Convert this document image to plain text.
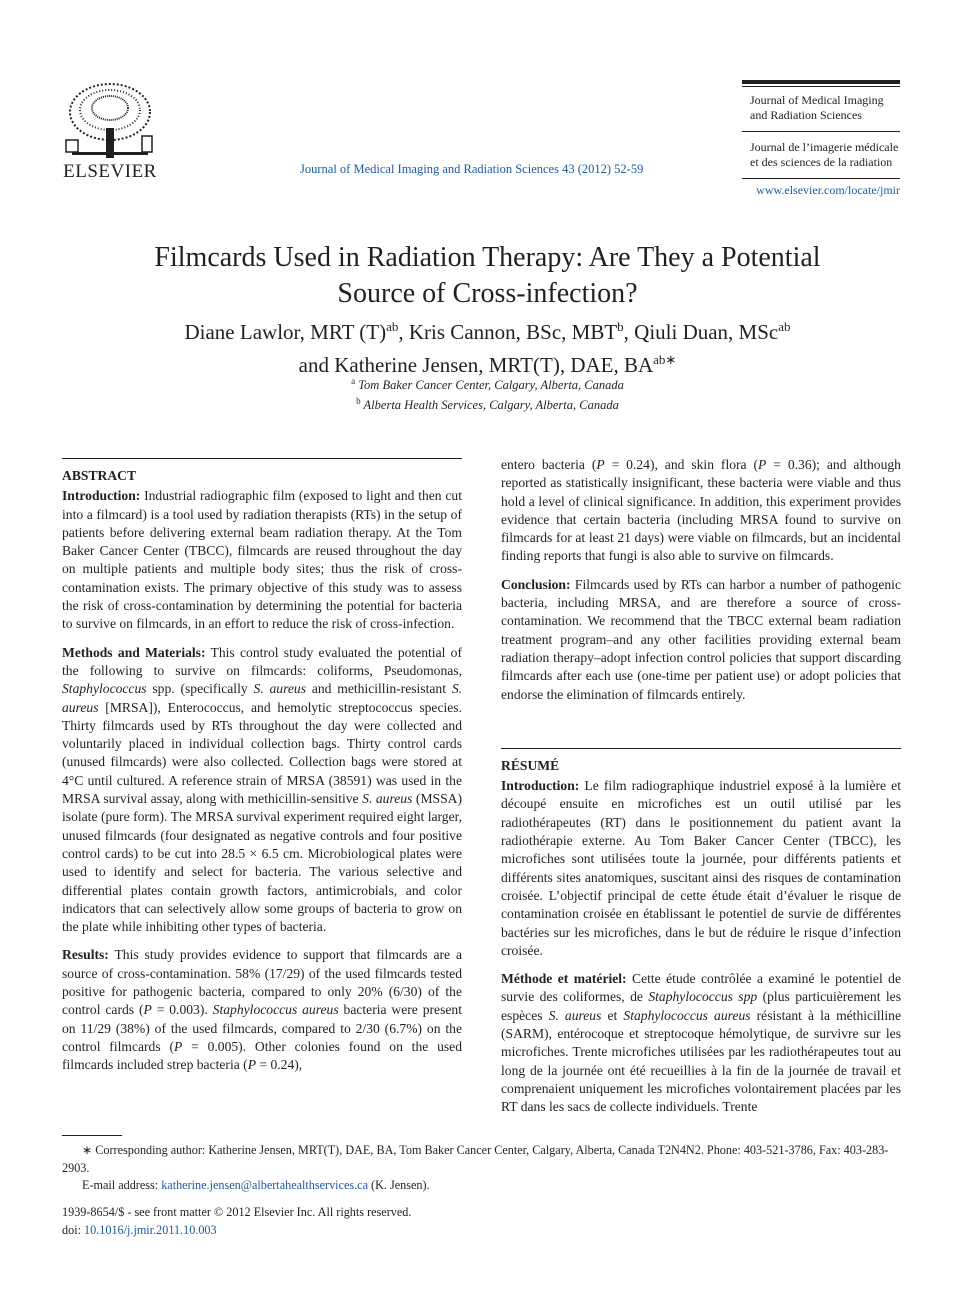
ELSEVIER	Journal of Medical Imaging and Radiation Sciences 43 (2012) 52-59
Journal of Medical Imaging
and Radiation Sciences
Journal de l’imagerie médicale
et des sciences de la radiation
www.elsevier.com/locate/jmir
Filmcards Used in Radiation Therapy: Are They a Potential
Source of Cross-infection?
Diane Lawlor, MRT $(T)^{ab}$, Kris Cannon, BSc, MBT$^b$, Qiuli Duan, MSc$^{ab}$
and Katherine Jensen, MRT(T), DAE, $BA^{ab∗}$
$^a$ Tom Baker Cancer Center, Calgary, Alberta, Canada
$^b$ Alberta Health Services, Calgary, Alberta, Canada
ABSTRACT

Introduction: Industrial radiographic film (exposed to light and then cut into a filmcard) is a tool used by radiation therapists (RTs) in the setup of patients before delivering external beam radiation therapy. At the Tom Baker Cancer Center (TBCC), filmcards are reused throughout the day on multiple patients and multiple body sites; thus the risk of cross-contamination exists. The primary objective of this study was to assess the risk of cross-contamination by determining the potential for bacteria to survive on filmcards, in an effort to reduce the risk of cross-infection.

Methods and Materials: This control study evaluated the potential of the following to survive on filmcards: coliforms, Pseudomonas, Staphylococcus spp. (specifically S. aureus and methicillin-resistant S. aureus [MRSA]), Enterococcus, and hemolytic streptococcus species. Thirty filmcards used by RTs throughout the day were collected and voluntarily placed in individual collection bags. Thirty control cards (unused filmcards) were also collected. Collection bags were stored at 4°C until cultured. A reference strain of MRSA (38591) was used in the MRSA survival assay, along with methicillin-sensitive S. aureus (MSSA) isolate (pure form). The MRSA survival experiment required eight larger, unused filmcards (four designated as negative controls and four positive control cards) to be cut into 28.5 × 6.5 cm. Microbiological plates were used to identify and select for bacteria. The various selective and differential plates contain growth factors, antimicrobials, and color indicators that can selectively allow some groups of bacteria to grow on the plate while inhibiting other types of bacteria.

Results: This study provides evidence to support that filmcards are a source of cross-contamination. 58% (17/29) of the used filmcards tested positive for pathogenic bacteria, compared to only 20% (6/30) of the control cards (P = 0.003). Staphylococcus aureus bacteria were present on 11/29 (38%) of the used filmcards, compared to 2/30 (6.7%) on the control filmcards (P = 0.005). Other colonies found on the used filmcards included strep bacteria (P = 0.24),

entero bacteria (P = 0.24), and skin flora (P = 0.36); and although reported as statistically insignificant, these bacteria were viable and thus hold a level of clinical significance. In addition, this experiment provides evidence that certain bacteria (including MRSA found to survive on filmcards for at least 21 days) were viable on filmcards, but an incidental finding reports that fungi is also able to survive on filmcards.

Conclusion: Filmcards used by RTs can harbor a number of pathogenic bacteria, including MRSA, and are therefore a source of cross-contamination. We recommend that the TBCC external beam radiation treatment program–and any other facilities providing external beam radiation therapy–adopt infection control policies that support discarding filmcards after each use (one-time per patient use) or adopt policies that endorse the elimination of filmcards entirely.

RÉSUMÉ

Introduction: Le film radiographique industriel exposé à la lumière et découpé ensuite en microfiches est un outil utilisé par les radiothérapeutes (RT) dans le positionnement du patient avant la radiothérapie externe. Au Tom Baker Cancer Center (TBCC), les microfiches sont utilisées toute la journée, pour différents patients et différents sites anatomiques, suscitant ainsi des risques de contamination croisée. L’objectif principal de cette étude était d’évaluer le risque de contamination croisée en établissant le potentiel de survie de différentes bactéries sur les microfiches, dans le but de réduire le risque d’infection croisée.

Méthode et matériel: Cette étude contrôlée a examiné le potentiel de survie des coliformes, de Staphylococcus spp (plus particuièrement les espèces S. aureus et Staphylococcus aureus résistant à la méthicilline (SARM), entérocoque et streptocoque hémolytique, de survivre sur les microfiches. Trente microfiches utilisées par les radiothérapeutes tout au long de la journée ont été recueillies à la fin de la journée de travail et comprenaient uniquement les microfiches volontairement placées par les RT dans les sacs de collecte individuels. Trente

∗ Corresponding author: Katherine Jensen, MRT(T), DAE, BA, Tom Baker Cancer Center, Calgary, Alberta, Canada T2N4N2. Phone: 403-521-3786, Fax: 403-283-2903.
E-mail address: katherine.jensen@albertahealthservices.ca (K. Jensen).
1939-8654/$ - see front matter © 2012 Elsevier Inc. All rights reserved.
doi: 10.1016/j.jmir.2011.10.003
